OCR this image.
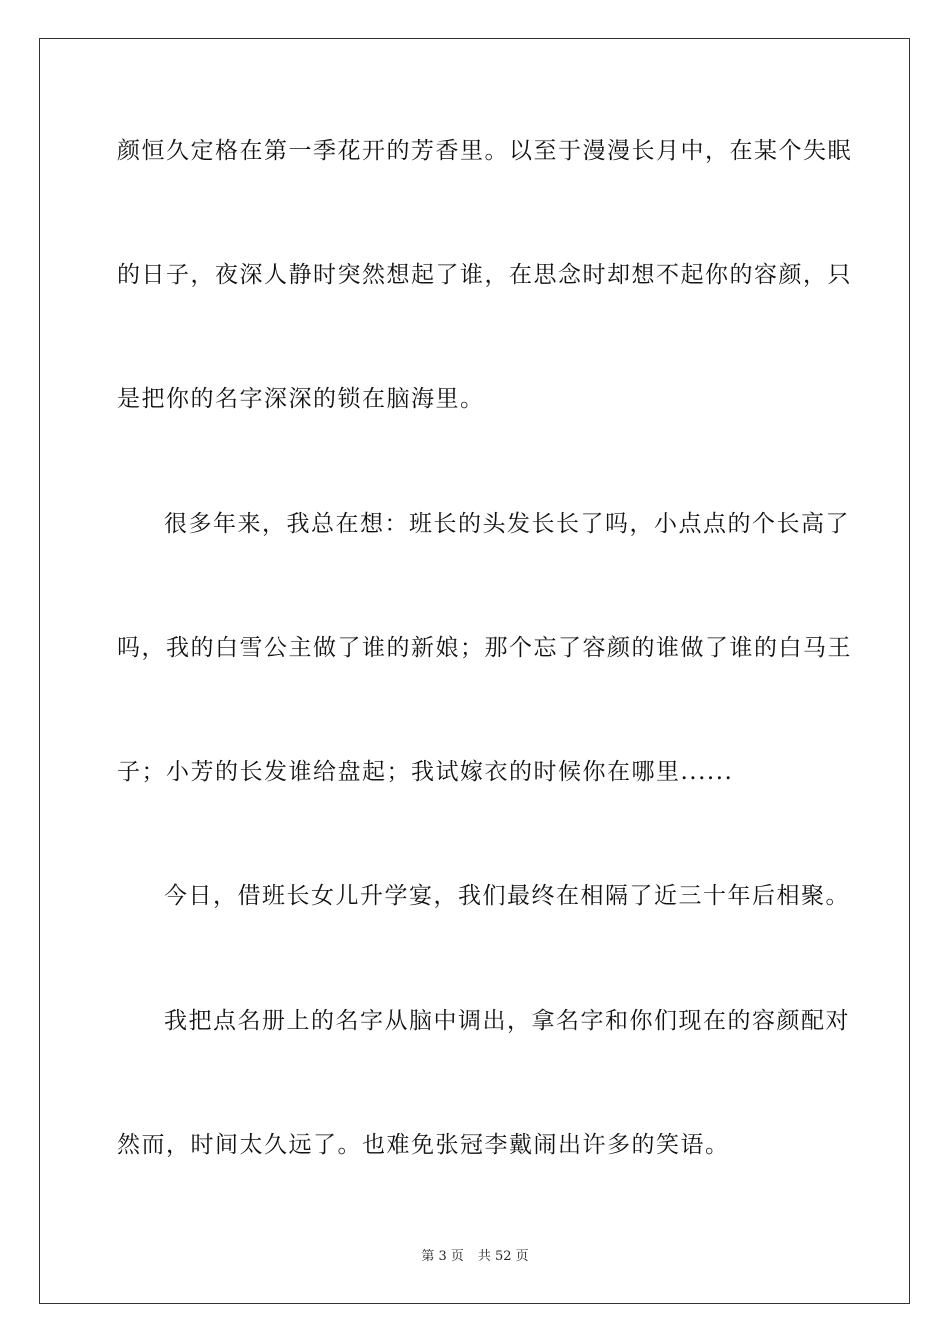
颜恒久定格在第一季花开的芳香里。以至于漫漫长月中，在某个失眠
的日子，夜深人静时突然想起了谁，在思念时却想不起你的容颜，只
是把你的名字深深的锁在脑海里。
很多年来，我总在想：班长的头发长长了吗，小点点的个长高了
吗，我的白雪公主做了谁的新娘；那个忘了容颜的谁做了谁的白马王
子；小芳的长发谁给盘起；我试嫁衣的时候你在哪里......
今日，借班长女儿升学宴，我们最终在相隔了近三十年后相聚。
我把点名册上的名字从脑中调出，拿名字和你们现在的容颜配对
然而，时间太久远了。也难免张冠李戴闹出许多的笑语。
第 3 页 共 52 页
